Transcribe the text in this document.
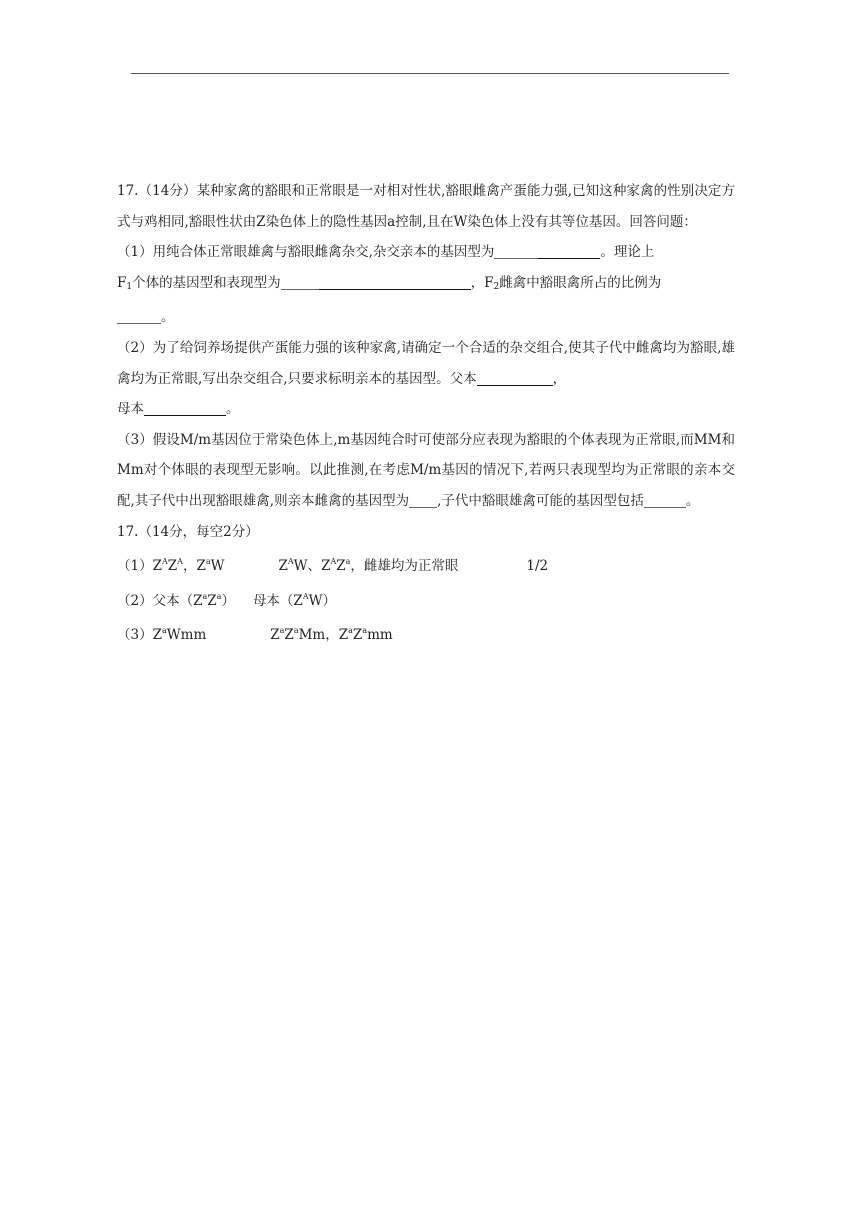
17.（14分）某种家禽的豁眼和正常眼是一对相对性状,豁眼雌禽产蛋能力强,已知这种家禽的性别决定方式与鸡相同,豁眼性状由Z染色体上的隐性基因a控制,且在W染色体上没有其等位基因。回答问题：

（1）用纯合体正常眼雄禽与豁眼雌禽杂交,杂交亲本的基因型为	。理论上
$F_1$个体的基因型和表现型为	，$F_2$雌禽中豁眼禽所占的比例为
。

（2）为了给饲养场提供产蛋能力强的该种家禽,请确定一个合适的杂交组合,使其子代中雌禽均为豁眼,雄禽均为正常眼,写出杂交组合,只要求标明亲本的基因型。父本	，
母本	。

（3）假设M/m基因位于常染色体上,m基因纯合时可使部分应表现为豁眼的个体表现为正常眼,而MM和Mm对个体眼的表现型无影响。以此推测,在考虑M/m基因的情况下,若两只表现型均为正常眼的亲本交配,其子代中出现豁眼雄禽,则亲本雌禽的基因型为 ,子代中豁眼雄禽可能的基因型包括	。

17.（14分，每空2分）

$(1)Z^AZ^A$，$Z^aW$	$Z^AW$、$Z^AZ^a$，雌雄均为正常眼	1/2

（2）父本$(Z^aZ^a)$ 母本$(Z^AW)$

$(3)Z^aWmm$	$Z^aZ^aMm$，$Z^aZ^amm$
